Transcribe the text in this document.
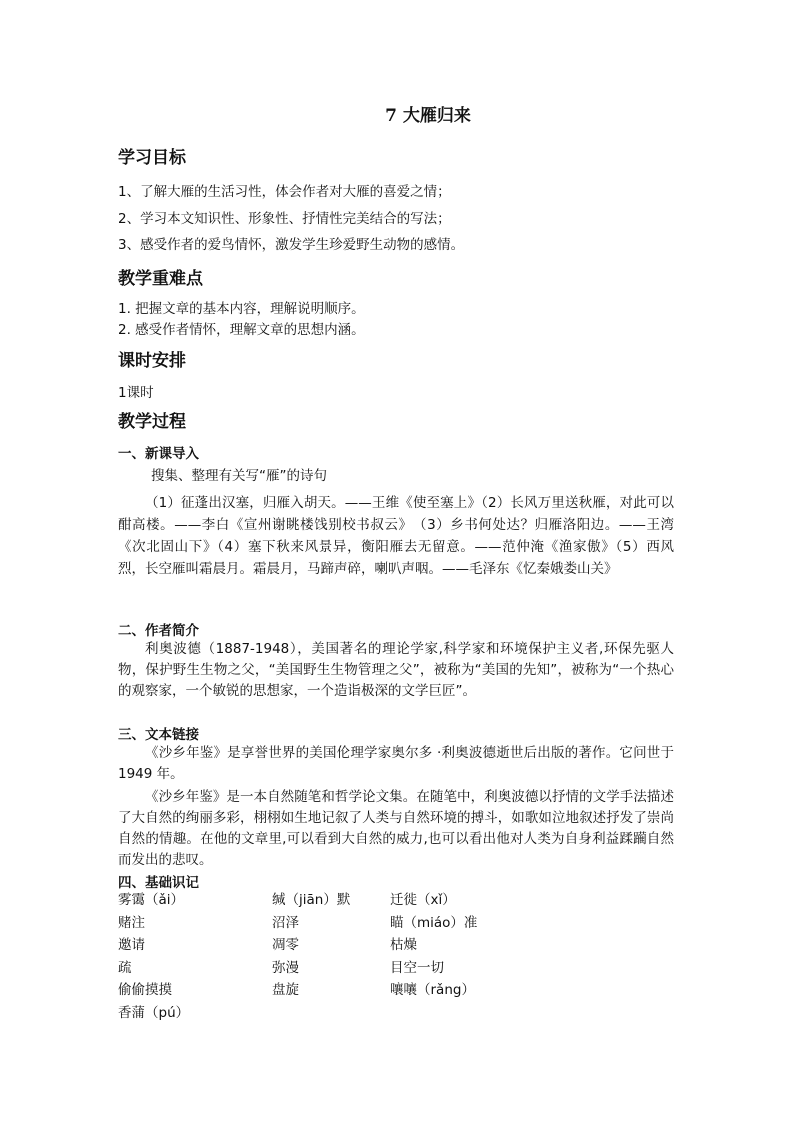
7 大雁归来
学习目标
1、了解大雁的生活习性，体会作者对大雁的喜爱之情；
2、学习本文知识性、形象性、抒情性完美结合的写法；
3、感受作者的爱鸟情怀，激发学生珍爱野生动物的感情。
教学重难点
1. 把握文章的基本内容，理解说明顺序。
2. 感受作者情怀，理解文章的思想内涵。
课时安排
1课时
教学过程
一、新课导入
搜集、整理有关写“雁”的诗句
（1）征蓬出汉塞，归雁入胡天。——王维《使至塞上》（2）长风万里送秋雁，对此可以酣高楼。——李白《宣州谢眺楼饯别校书叔云》　（3）乡书何处达？归雁洛阳边。——王湾《次北固山下》（4）塞下秋来风景异，衡阳雁去无留意。——范仲淹《渔家傲》（5）西风烈，长空雁叫霜晨月。霜晨月，马蹄声碎，喇叭声咽。——毛泽东《忆秦娥娄山关》
二、作者简介
利奥波德（1887-1948），美国著名的理论学家,科学家和环境保护主义者,环保先驱人物，保护野生生物之父，“美国野生生物管理之父”，被称为“美国的先知”，被称为“一个热心的观察家，一个敏锐的思想家，一个造诣极深的文学巨匠”。
三、文本链接
《沙乡年鉴》是享誉世界的美国伦理学家奥尔多 ·利奥波德逝世后出版的著作。它问世于 1949 年。
《沙乡年鉴》是一本自然随笔和哲学论文集。在随笔中，利奥波德以抒情的文学手法描述了大自然的绚丽多彩，栩栩如生地记叙了人类与自然环境的搏斗，如歌如泣地叙述抒发了崇尚自然的情趣。在他的文章里,可以看到大自然的威力,也可以看出他对人类为自身利益蹂躏自然而发出的悲叹。
四、基础识记
雾霭（ǎi）	缄（jiān）默	迁徙（xǐ）
赌注	沼泽	瞄（miáo）准
邀请	凋零	枯燥
疏	弥漫	目空一切
偷偷摸摸	盘旋	嚷嚷（rǎng）
香蒲（pú）
